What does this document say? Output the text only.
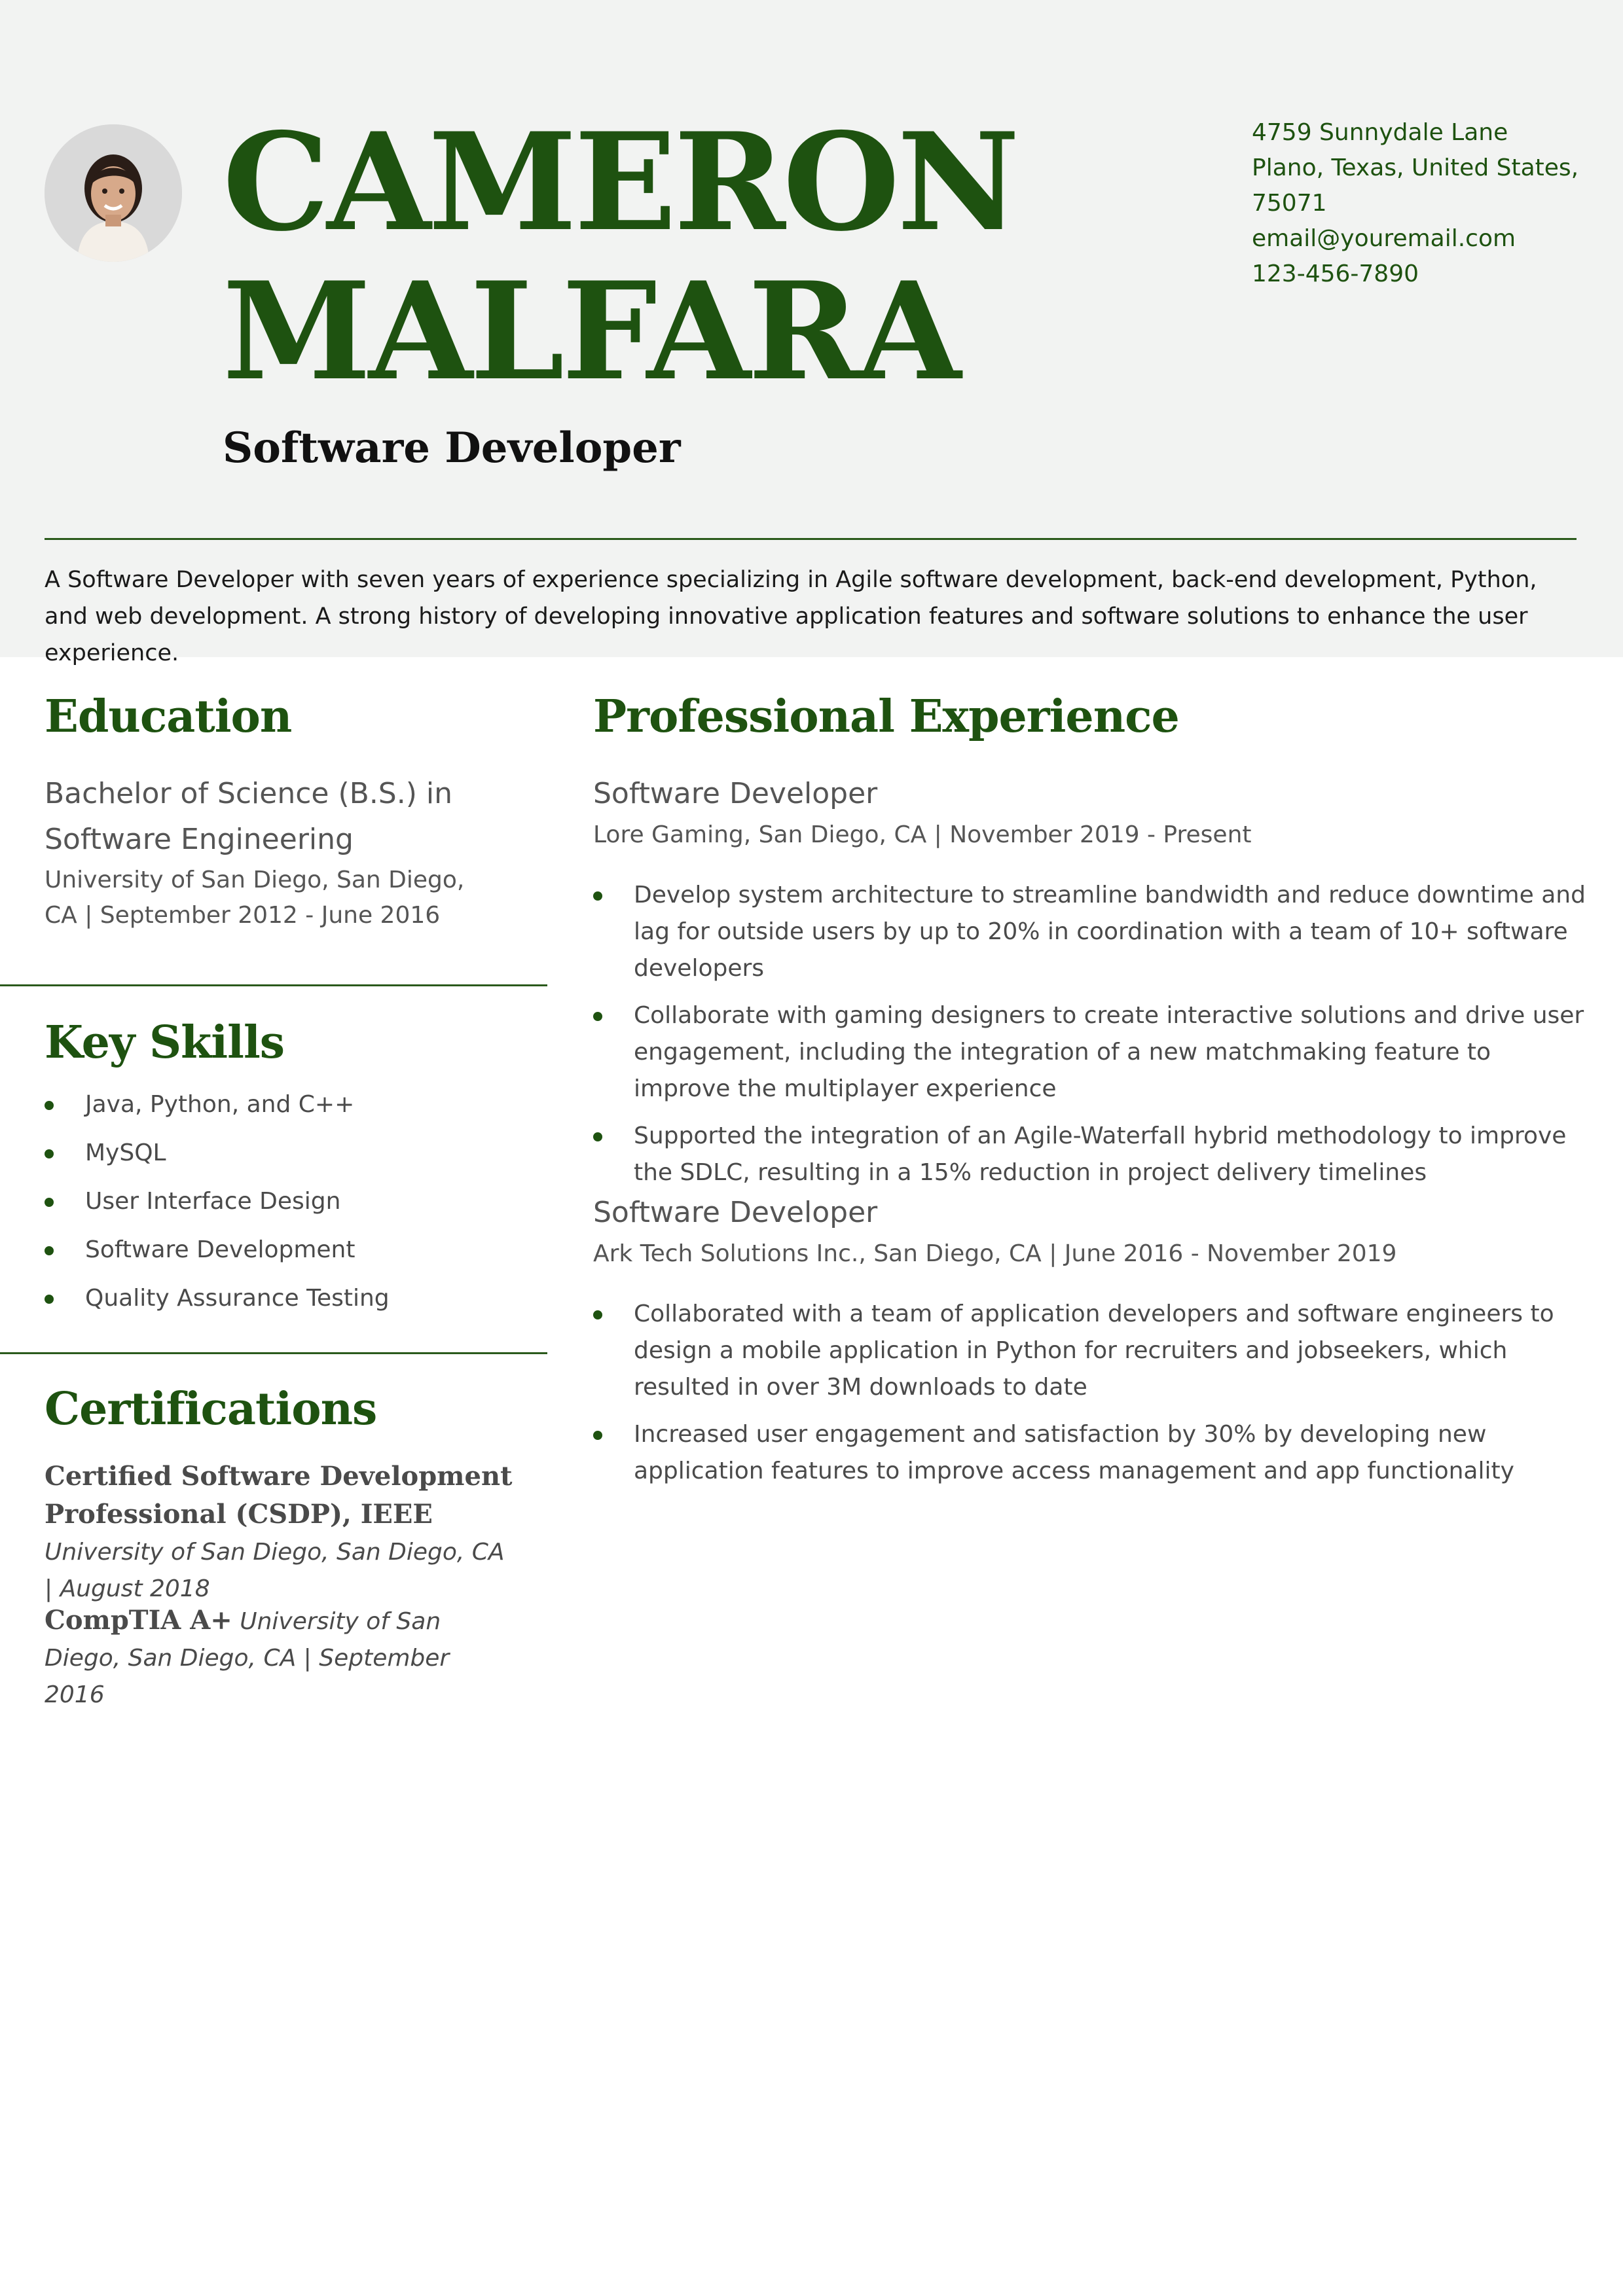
CAMERON
MALFARA
Software Developer
4759 Sunnydale Lane
Plano, Texas, United States,
75071
email@youremail.com
123-456-7890

A Software Developer with seven years of experience specializing in Agile software development, back-end development, Python, and web development. A strong history of developing innovative application features and software solutions to enhance the user experience.

Education

Bachelor of Science (B.S.) in Software Engineering

University of San Diego, San Diego, CA | September 2012 - June 2016

Key Skills
Java, Python, and C++
MySQL
User Interface Design
Software Development
Quality Assurance Testing
Certifications

Certified Software Development Professional (CSDP), IEEE University of San Diego, San Diego, CA | August 2018

CompTIA A+ University of San Diego, San Diego, CA | September 2016

Professional Experience

Software Developer

Lore Gaming, San Diego, CA | November 2019 - Present

Develop system architecture to streamline bandwidth and reduce downtime and lag for outside users by up to 20% in coordination with a team of 10+ software developers
Collaborate with gaming designers to create interactive solutions and drive user engagement, including the integration of a new matchmaking feature to improve the multiplayer experience
Supported the integration of an Agile-Waterfall hybrid methodology to improve the SDLC, resulting in a 15% reduction in project delivery timelines

Software Developer

Ark Tech Solutions Inc., San Diego, CA | June 2016 - November 2019

Collaborated with a team of application developers and software engineers to design a mobile application in Python for recruiters and jobseekers, which resulted in over 3M downloads to date
Increased user engagement and satisfaction by 30% by developing new application features to improve access management and app functionality
